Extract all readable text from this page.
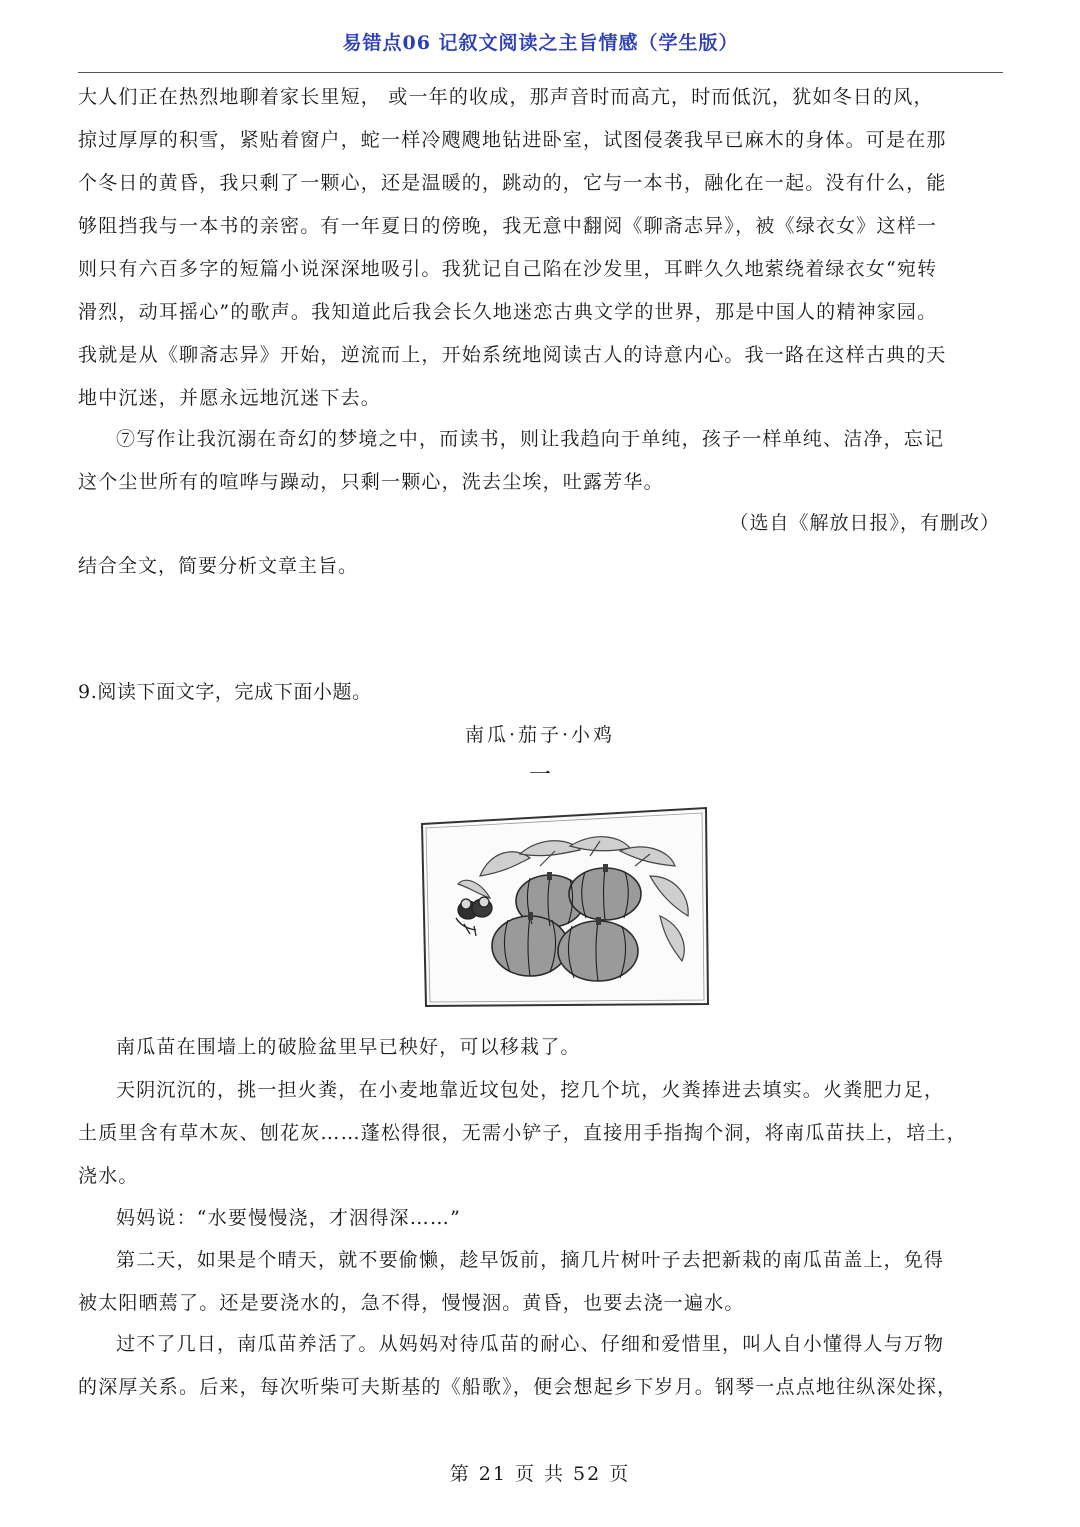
易错点06 记叙文阅读之主旨情感（学生版）
大人们正在热烈地聊着家长里短， 或一年的收成，那声音时而高亢，时而低沉，犹如冬日的风，
掠过厚厚的积雪，紧贴着窗户，蛇一样冷飕飕地钻进卧室，试图侵袭我早已麻木的身体。可是在那
个冬日的黄昏，我只剩了一颗心，还是温暖的，跳动的，它与一本书，融化在一起。没有什么，能
够阻挡我与一本书的亲密。有一年夏日的傍晚，我无意中翻阅《聊斋志异》，被《绿衣女》这样一
则只有六百多字的短篇小说深深地吸引。我犹记自己陷在沙发里，耳畔久久地萦绕着绿衣女“宛转
滑烈，动耳摇心”的歌声。我知道此后我会长久地迷恋古典文学的世界，那是中国人的精神家园。
我就是从《聊斋志异》开始，逆流而上，开始系统地阅读古人的诗意内心。我一路在这样古典的天
地中沉迷，并愿永远地沉迷下去。
⑦写作让我沉溺在奇幻的梦境之中，而读书，则让我趋向于单纯，孩子一样单纯、洁净，忘记
这个尘世所有的喧哗与躁动，只剩一颗心，洗去尘埃，吐露芳华。
（选自《解放日报》，有删改）
结合全文，简要分析文章主旨。
9.阅读下面文字，完成下面小题。
南瓜·茄子·小鸡
一
南瓜苗在围墙上的破脸盆里早已秧好，可以移栽了。
天阴沉沉的，挑一担火粪，在小麦地靠近坟包处，挖几个坑，火粪捧进去填实。火粪肥力足，
土质里含有草木灰、刨花灰……蓬松得很，无需小铲子，直接用手指掏个洞，将南瓜苗扶上，培土，
浇水。
妈妈说：“水要慢慢浇，才洇得深……”
第二天，如果是个晴天，就不要偷懒，趁早饭前，摘几片树叶子去把新栽的南瓜苗盖上，免得
被太阳晒蔫了。还是要浇水的，急不得，慢慢洇。黄昏，也要去浇一遍水。
过不了几日，南瓜苗养活了。从妈妈对待瓜苗的耐心、仔细和爱惜里，叫人自小懂得人与万物
的深厚关系。后来，每次听柴可夫斯基的《船歌》，便会想起乡下岁月。钢琴一点点地往纵深处探，
第 21 页 共 52 页
